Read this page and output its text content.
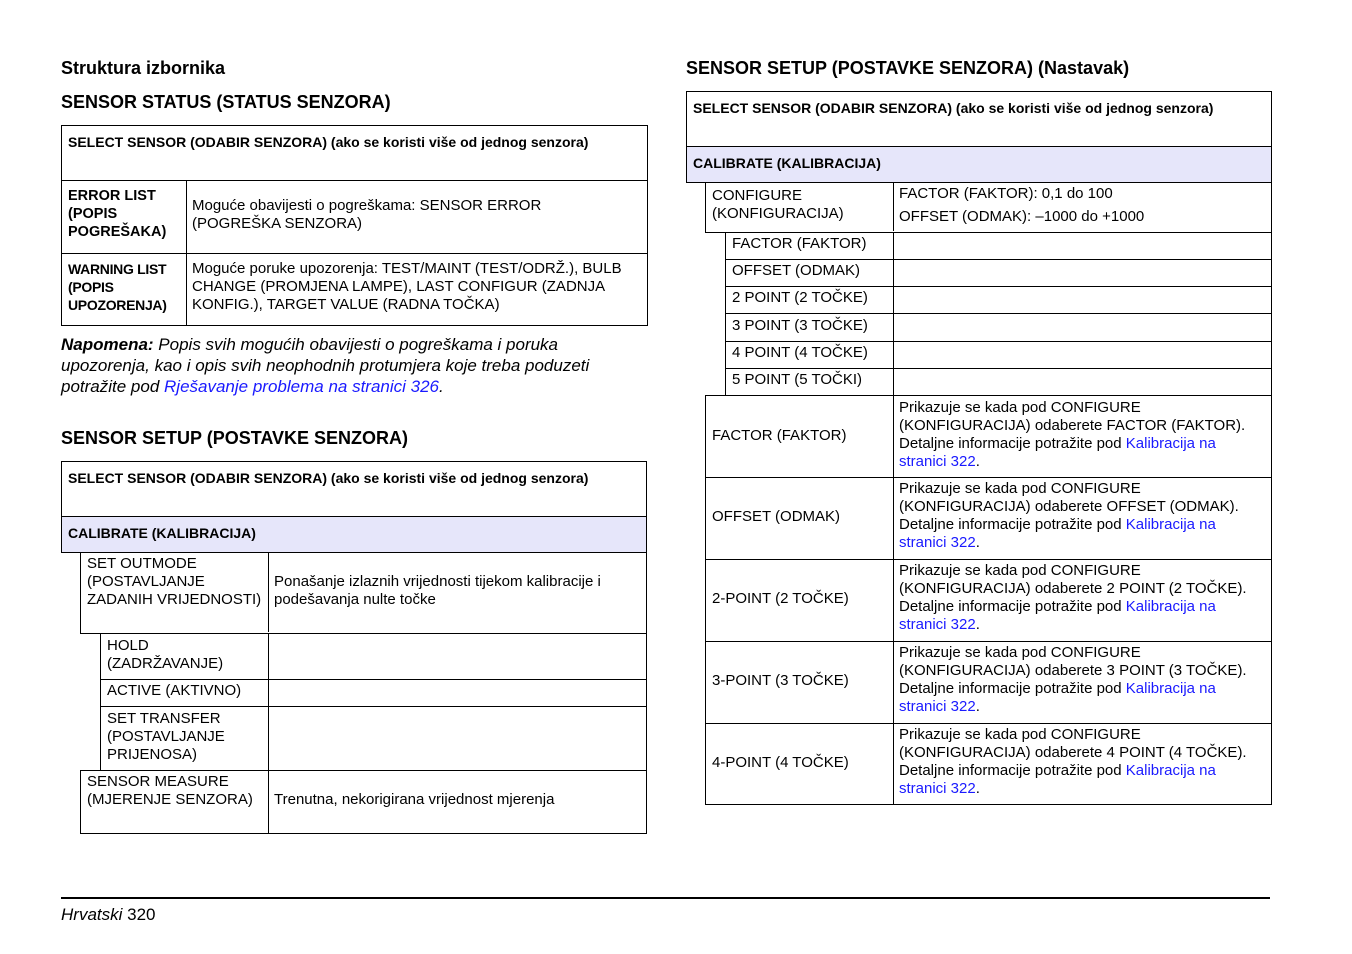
Struktura izbornika
SENSOR STATUS (STATUS SENZORA)
SELECT SENSOR (ODABIR SENZORA) (ako se koristi više od jednog senzora)
ERROR LIST (POPIS POGREŠAKA)
Moguće obavijesti o pogreškama: SENSOR ERROR (POGREŠKA SENZORA)
WARNING LIST (POPIS UPOZORENJA)
Moguće poruke upozorenja: TEST/MAINT (TEST/ODRŽ.), BULB CHANGE (PROMJENA LAMPE), LAST CONFIGUR (ZADNJA KONFIG.), TARGET VALUE (RADNA TOČKA)
Napomena: Popis svih mogućih obavijesti o pogreškama i poruka upozorenja, kao i opis svih neophodnih protumjera koje treba poduzeti potražite pod Rješavanje problema na stranici 326.
SENSOR SETUP (POSTAVKE SENZORA)
SELECT SENSOR (ODABIR SENZORA) (ako se koristi više od jednog senzora)
CALIBRATE (KALIBRACIJA)
SET OUTMODE (POSTAVLJANJE ZADANIH VRIJEDNOSTI)
Ponašanje izlaznih vrijednosti tijekom kalibracije i podešavanja nulte točke
HOLD (ZADRŽAVANJE)
ACTIVE (AKTIVNO)
SET TRANSFER (POSTAVLJANJE PRIJENOSA)
SENSOR MEASURE (MJERENJE SENZORA)	Trenutna, nekorigirana vrijednost mjerenja
SENSOR SETUP (POSTAVKE SENZORA) (Nastavak)
SELECT SENSOR (ODABIR SENZORA) (ako se koristi više od jednog senzora)
CALIBRATE (KALIBRACIJA)
CONFIGURE (KONFIGURACIJA)
FACTOR (FAKTOR): 0,1 do 100
OFFSET (ODMAK): –1000 do +1000
FACTOR (FAKTOR)
OFFSET (ODMAK)
2 POINT (2 TOČKE)
3 POINT (3 TOČKE)
4 POINT (4 TOČKE)
5 POINT (5 TOČKI)
FACTOR (FAKTOR)
Prikazuje se kada pod CONFIGURE (KONFIGURACIJA) odaberete FACTOR (FAKTOR). Detaljne informacije potražite pod Kalibracija na stranici 322.
OFFSET (ODMAK)
Prikazuje se kada pod CONFIGURE (KONFIGURACIJA) odaberete OFFSET (ODMAK). Detaljne informacije potražite pod Kalibracija na stranici 322.
2-POINT (2 TOČKE)
Prikazuje se kada pod CONFIGURE (KONFIGURACIJA) odaberete 2 POINT (2 TOČKE). Detaljne informacije potražite pod Kalibracija na stranici 322.
3-POINT (3 TOČKE)
Prikazuje se kada pod CONFIGURE (KONFIGURACIJA) odaberete 3 POINT (3 TOČKE). Detaljne informacije potražite pod Kalibracija na stranici 322.
4-POINT (4 TOČKE)
Prikazuje se kada pod CONFIGURE (KONFIGURACIJA) odaberete 4 POINT (4 TOČKE). Detaljne informacije potražite pod Kalibracija na stranici 322.
Hrvatski 320
